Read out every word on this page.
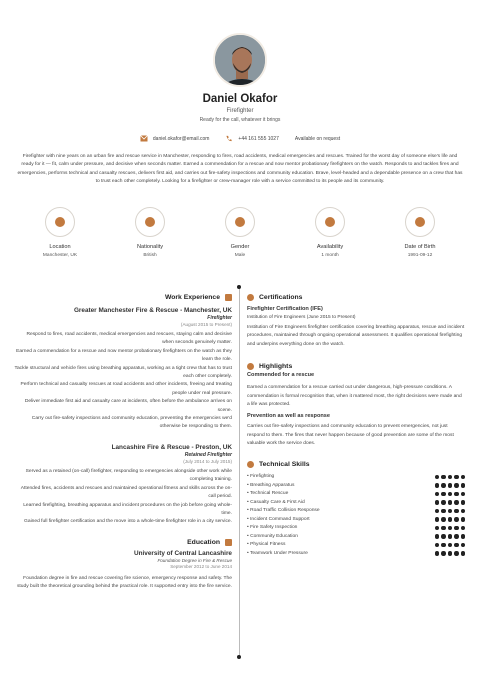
Daniel Okafor
Firefighter
Ready for the call, whatever it brings
daniel.okafor@email.com	+44 161 555 1027	Available on request
Firefighter with nine years on an urban fire and rescue service in Manchester, responding to fires, road accidents, medical emergencies and rescues. Trained for the worst day of someone else's life and ready for it — fit, calm under pressure, and decisive when seconds matter. Earned a commendation for a rescue and now mentor probationary firefighters on the watch. Responds to and tackles fires and emergencies, performs technical and casualty rescues, delivers first aid, and carries out fire-safety inspections and community education. Brave, level-headed and a dependable presence on a crew that has to trust each other completely. Looking for a firefighter or crew-manager role with a service committed to its people and its community.
Location
Manchester, UK
Nationality
British
Gender
Male
Availability
1 month
Date of Birth
1991-09-12
Work Experience
Greater Manchester Fire & Rescue - Manchester, UK
Firefighter
(August 2015 to Present)

Respond to fires, road accidents, medical emergencies and rescues, staying calm and decisive when seconds genuinely matter.

Earned a commendation for a rescue and now mentor probationary firefighters on the watch as they learn the role.

Tackle structural and vehicle fires using breathing apparatus, working as a tight crew that has to trust each other completely.

Perform technical and casualty rescues at road accidents and other incidents, freeing and treating people under real pressure.

Deliver immediate first aid and casualty care at incidents, often before the ambulance arrives on scene.

Carry out fire-safety inspections and community education, preventing the emergencies we'd otherwise be responding to them.

Lancashire Fire & Rescue - Preston, UK
Retained Firefighter
(July 2014 to July 2015)

Served as a retained (on-call) firefighter, responding to emergencies alongside other work while completing training.

Attended fires, accidents and rescues and maintained operational fitness and skills across the on-call period.

Learned firefighting, breathing apparatus and incident procedures on the job before going whole-time.

Gained full firefighter certification and the move into a whole-time firefighter role in a city service.

Education
University of Central Lancashire
Foundation Degree in Fire & Rescue
September 2012 to June 2014
Foundation degree in fire and rescue covering fire science, emergency response and safety. The study built the theoretical grounding behind the practical role. It supported entry into the fire service.
Certifications
Firefighter Certification (IFE)
Institution of Fire Engineers (June 2015 to Present)
Institution of Fire Engineers firefighter certification covering breathing apparatus, rescue and incident procedures, maintained through ongoing operational assessment. It qualifies operational firefighting and underpins everything done on the watch.
Highlights
Commended for a rescue
Earned a commendation for a rescue carried out under dangerous, high-pressure conditions. A commendation is formal recognition that, when it mattered most, the right decisions were made and a life was protected.
Prevention as well as response
Carries out fire-safety inspections and community education to prevent emergencies, not just respond to them. The fires that never happen because of good prevention are some of the most valuable work the service does.
Technical Skills
• Firefighting
• Breathing Apparatus
• Technical Rescue
• Casualty Care & First Aid
• Road Traffic Collision Response
• Incident Command Support
• Fire Safety Inspection
• Community Education
• Physical Fitness
• Teamwork Under Pressure
